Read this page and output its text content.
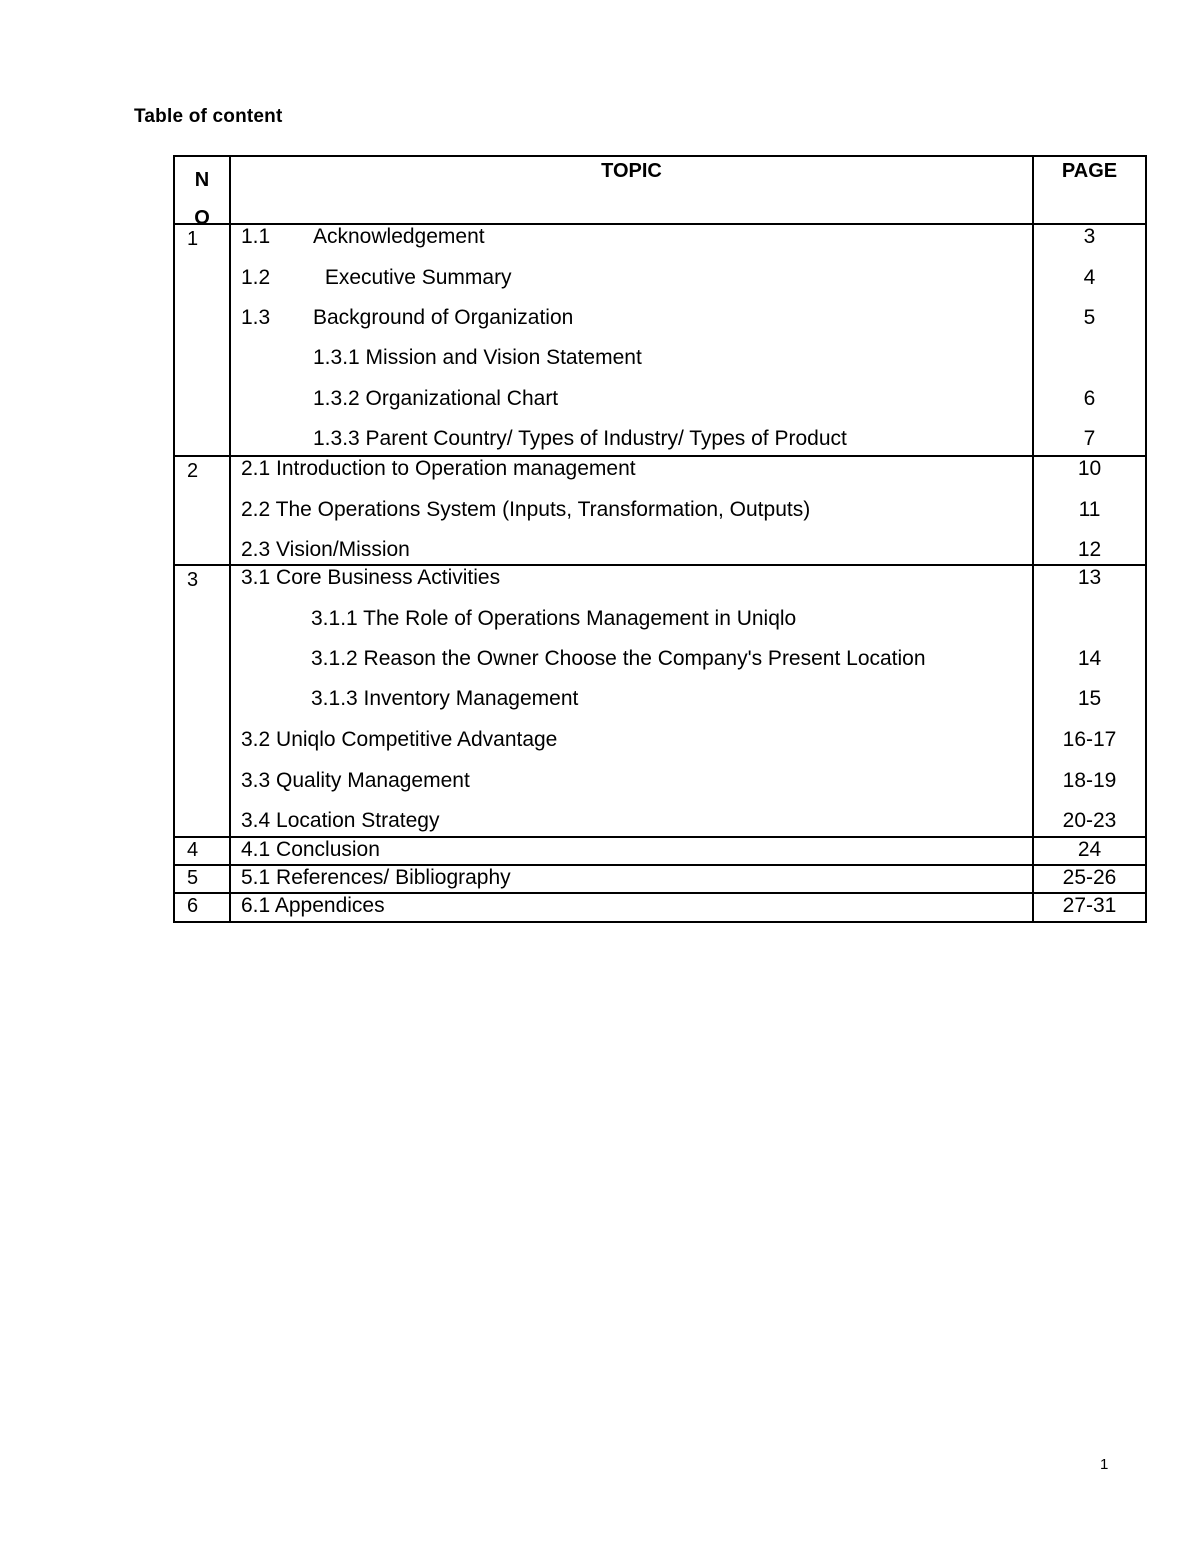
Table of content
N
O
TOPIC	PAGE
1	1.1 Acknowledgement	3
1.2 Executive Summary	4
1.3 Background of Organization	5
1.3.1 Mission and Vision Statement
1.3.2 Organizational Chart	6
1.3.3 Parent Country/ Types of Industry/ Types of Product	7
2	2.1 Introduction to Operation management	10
2.2 The Operations System (Inputs, Transformation, Outputs)	11
2.3 Vision/Mission	12
3	3.1 Core Business Activities	13
3.1.1 The Role of Operations Management in Uniqlo
3.1.2 Reason the Owner Choose the Company's Present Location	14
3.1.3 Inventory Management	15
3.2 Uniqlo Competitive Advantage	16-17
3.3 Quality Management	18-19
3.4 Location Strategy	20-23
4	4.1 Conclusion	24
5	5.1 References/ Bibliography	25-26
6	6.1 Appendices	27-31
1
